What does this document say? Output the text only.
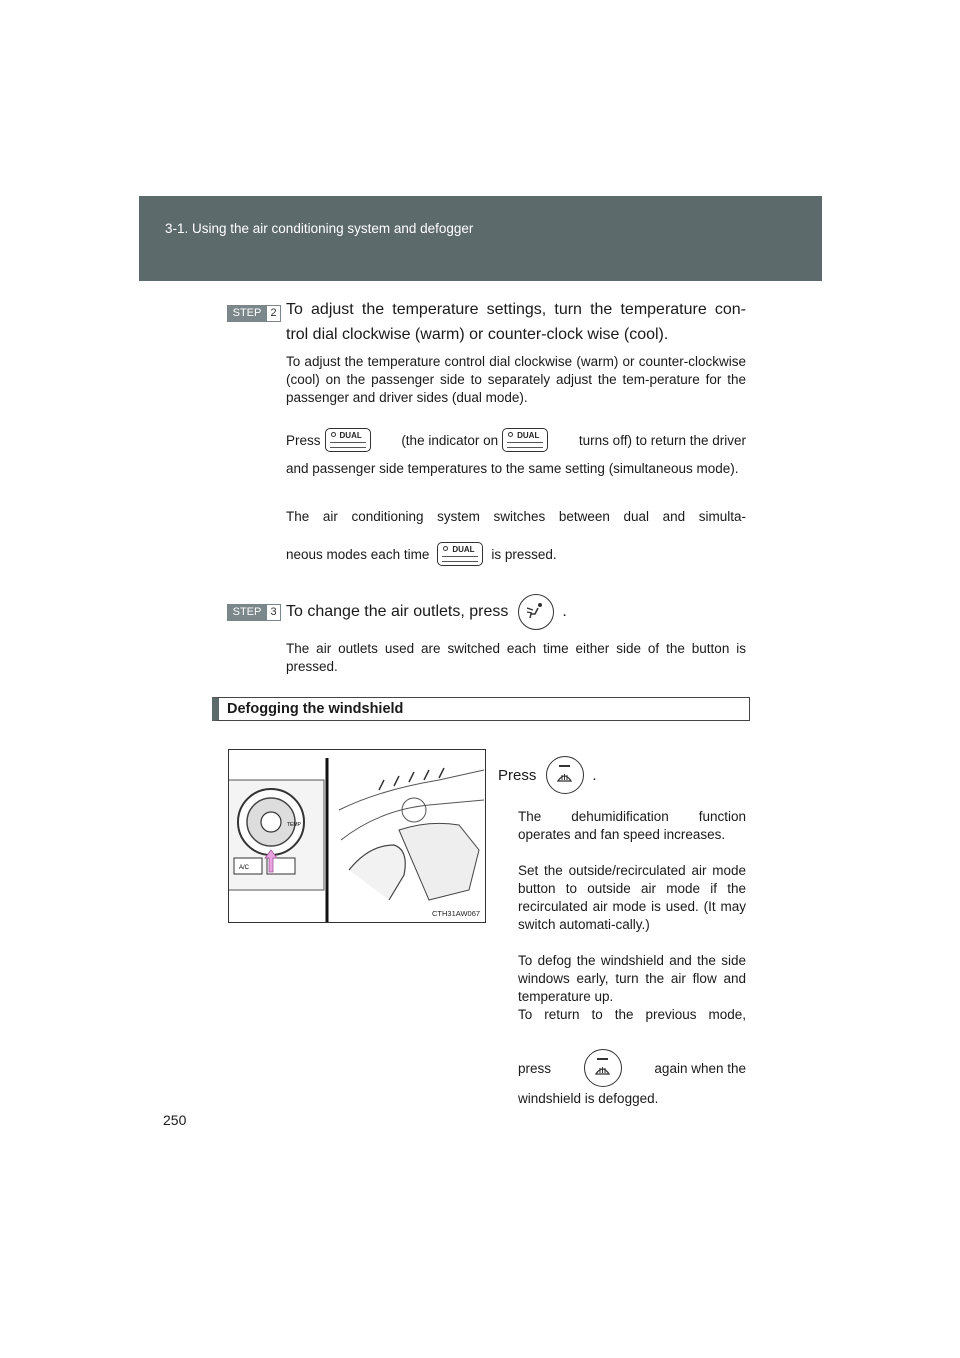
3-1. Using the air conditioning system and defogger
STEP 2 To adjust the temperature settings, turn the temperature con-
trol dial clockwise (warm) or counter-clock wise (cool).
To adjust the temperature control dial clockwise (warm) or counter-clockwise (cool) on the passenger side to separately adjust the tem-perature for the passenger and driver sides (dual mode).
Press DUAL	(the indicator on DUAL	turns off) to return the driver
and passenger side temperatures to the same setting (simultaneous mode).
The air conditioning system switches between dual and simulta-
neous modes each time	DUAL is pressed.
STEP 3 To change the air outlets, press	.
The air outlets used are switched each time either side of the button is pressed.
Defogging the windshield
TEMP
A/C
CTH31AW067
Press	.
The dehumidification function operates and fan speed increases.
Set the outside/recirculated air mode button to outside air mode if the recirculated air mode is used. (It may switch automati-cally.)
To defog the windshield and the side windows early, turn the air flow and temperature up.
To return to the previous mode,
press	again when the
windshield is defogged.
250
